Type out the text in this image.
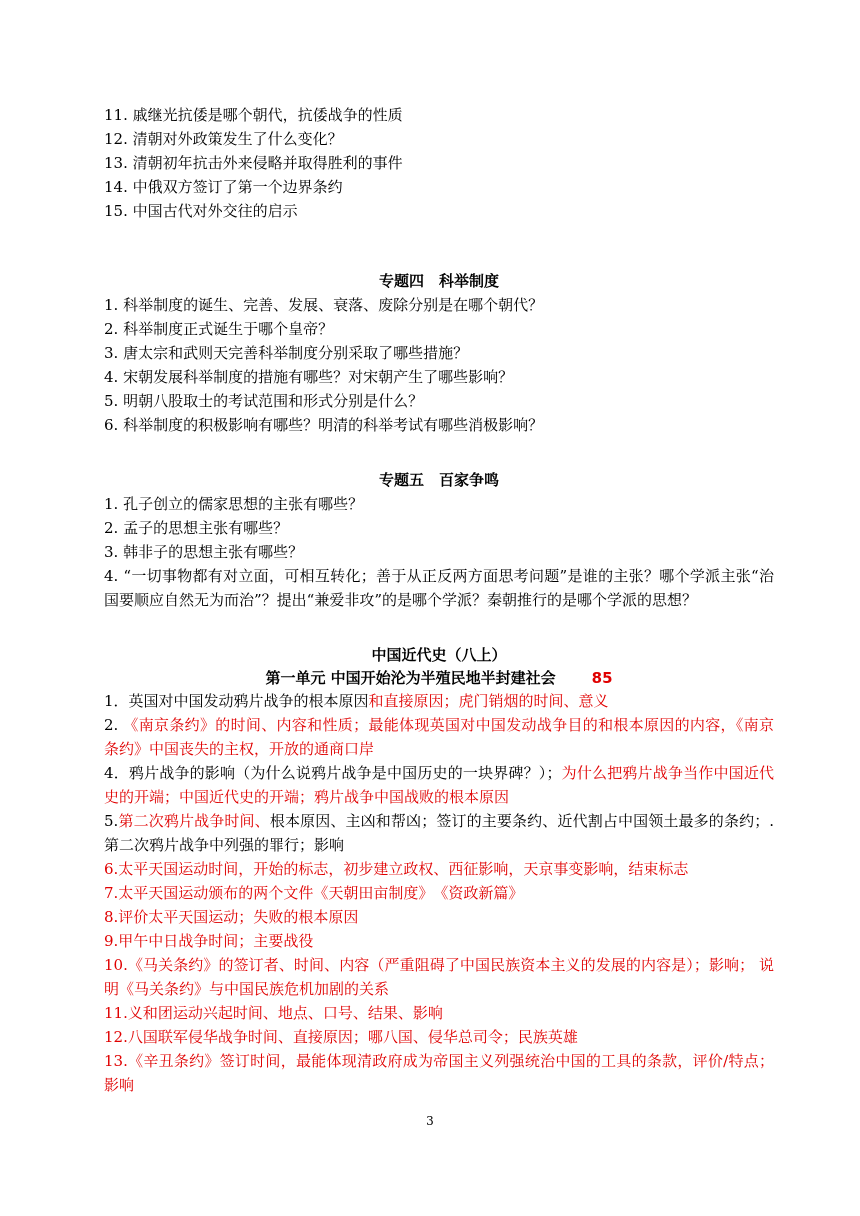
11. 戚继光抗倭是哪个朝代，抗倭战争的性质

12. 清朝对外政策发生了什么变化？

13. 清朝初年抗击外来侵略并取得胜利的事件

14. 中俄双方签订了第一个边界条约

15. 中国古代对外交往的启示

专题四　科举制度

1. 科举制度的诞生、完善、发展、衰落、废除分别是在哪个朝代？

2. 科举制度正式诞生于哪个皇帝？

3. 唐太宗和武则天完善科举制度分别采取了哪些措施？

4. 宋朝发展科举制度的措施有哪些？对宋朝产生了哪些影响？

5. 明朝八股取士的考试范围和形式分别是什么？

6. 科举制度的积极影响有哪些？明清的科举考试有哪些消极影响？

专题五　百家争鸣

1. 孔子创立的儒家思想的主张有哪些？

2. 孟子的思想主张有哪些？

3. 韩非子的思想主张有哪些？

4. “一切事物都有对立面，可相互转化；善于从正反两方面思考问题”是谁的主张？哪个学派主张“治国要顺应自然无为而治”？提出“兼爱非攻”的是哪个学派？秦朝推行的是哪个学派的思想？

中国近代史（八上）

第一单元 中国开始沦为半殖民地半封建社会 85

1．英国对中国发动鸦片战争的根本原因和直接原因；虎门销烟的时间、意义

2. 《南京条约》的时间、内容和性质；最能体现英国对中国发动战争目的和根本原因的内容，《南京条约》中国丧失的主权，开放的通商口岸

4．鸦片战争的影响（为什么说鸦片战争是中国历史的一块界碑？）；为什么把鸦片战争当作中国近代史的开端；中国近代史的开端；鸦片战争中国战败的根本原因

5.第二次鸦片战争时间、根本原因、主凶和帮凶；签订的主要条约、近代割占中国领土最多的条约；.第二次鸦片战争中列强的罪行；影响

6.太平天国运动时间，开始的标志，初步建立政权、西征影响，天京事变影响，结束标志

7.太平天国运动颁布的两个文件《天朝田亩制度》　《资政新篇》

8.评价太平天国运动；失败的根本原因

9.甲午中日战争时间；主要战役

10.《马关条约》的签订者、时间、内容（严重阻碍了中国民族资本主义的发展的内容是）；影响； 说明《马关条约》与中国民族危机加剧的关系

11.义和团运动兴起时间、地点、口号、结果、影响

12.八国联军侵华战争时间、直接原因；哪八国、侵华总司令；民族英雄

13.《辛丑条约》签订时间，最能体现清政府成为帝国主义列强统治中国的工具的条款，评价/特点；影响

3
